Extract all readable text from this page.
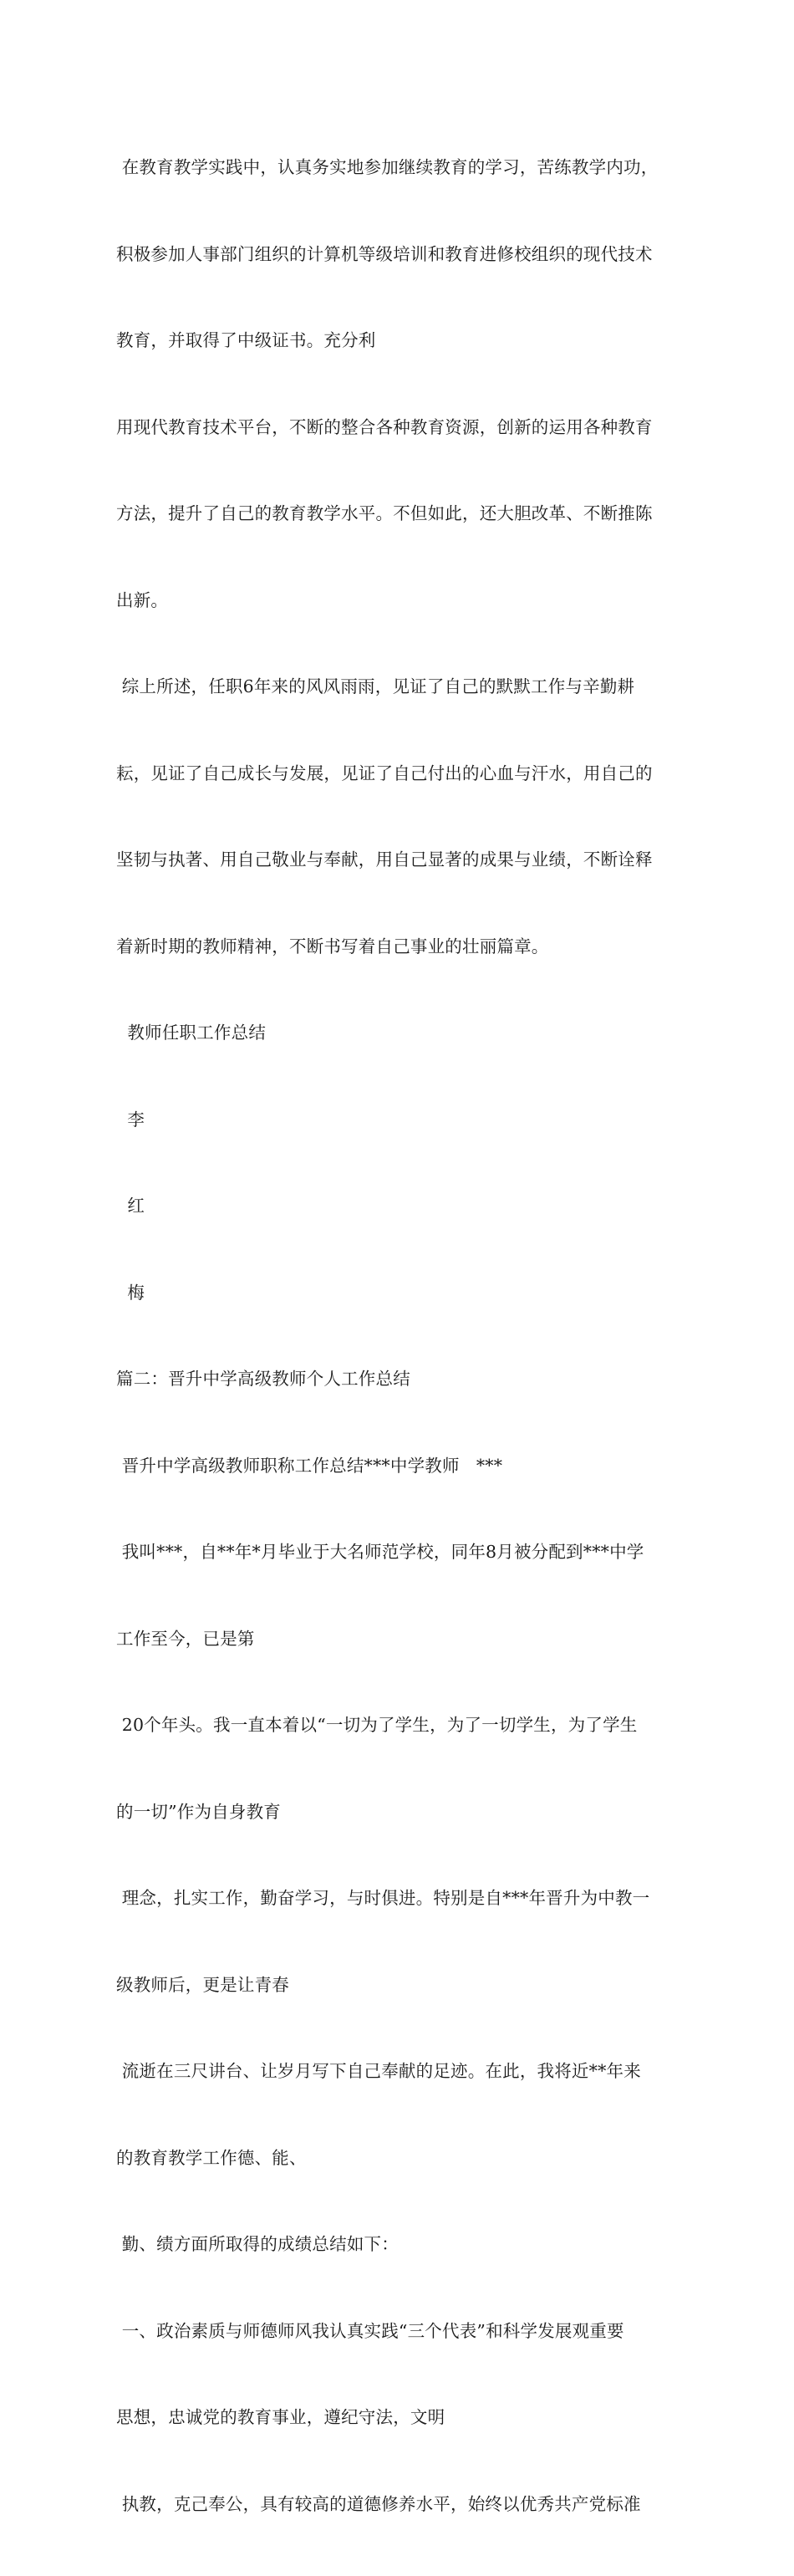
在教育教学实践中，认真务实地参加继续教育的学习，苦练教学内功，

积极参加人事部门组织的计算机等级培训和教育进修校组织的现代技术

教育，并取得了中级证书。充分利

用现代教育技术平台，不断的整合各种教育资源，创新的运用各种教育

方法，提升了自己的教育教学水平。不但如此，还大胆改革、不断推陈

出新。

综上所述，任职6年来的风风雨雨，见证了自己的默默工作与辛勤耕

耘，见证了自己成长与发展，见证了自己付出的心血与汗水，用自己的

坚韧与执著、用自己敬业与奉献，用自己显著的成果与业绩，不断诠释

着新时期的教师精神，不断书写着自己事业的壮丽篇章。

教师任职工作总结

李

红

梅

篇二：晋升中学高级教师个人工作总结

晋升中学高级教师职称工作总结***中学教师   ***

我叫***，自**年*月毕业于大名师范学校，同年8月被分配到***中学

工作至今，已是第

20个年头。我一直本着以“一切为了学生，为了一切学生，为了学生

的一切”作为自身教育

理念，扎实工作，勤奋学习，与时俱进。特别是自***年晋升为中教一

级教师后，更是让青春

流逝在三尺讲台、让岁月写下自己奉献的足迹。在此，我将近**年来

的教育教学工作德、能、

勤、绩方面所取得的成绩总结如下：

一、政治素质与师德师风我认真实践“三个代表”和科学发展观重要

思想，忠诚党的教育事业，遵纪守法，文明

执教，克己奉公，具有较高的道德修养水平，始终以优秀共产党标准
